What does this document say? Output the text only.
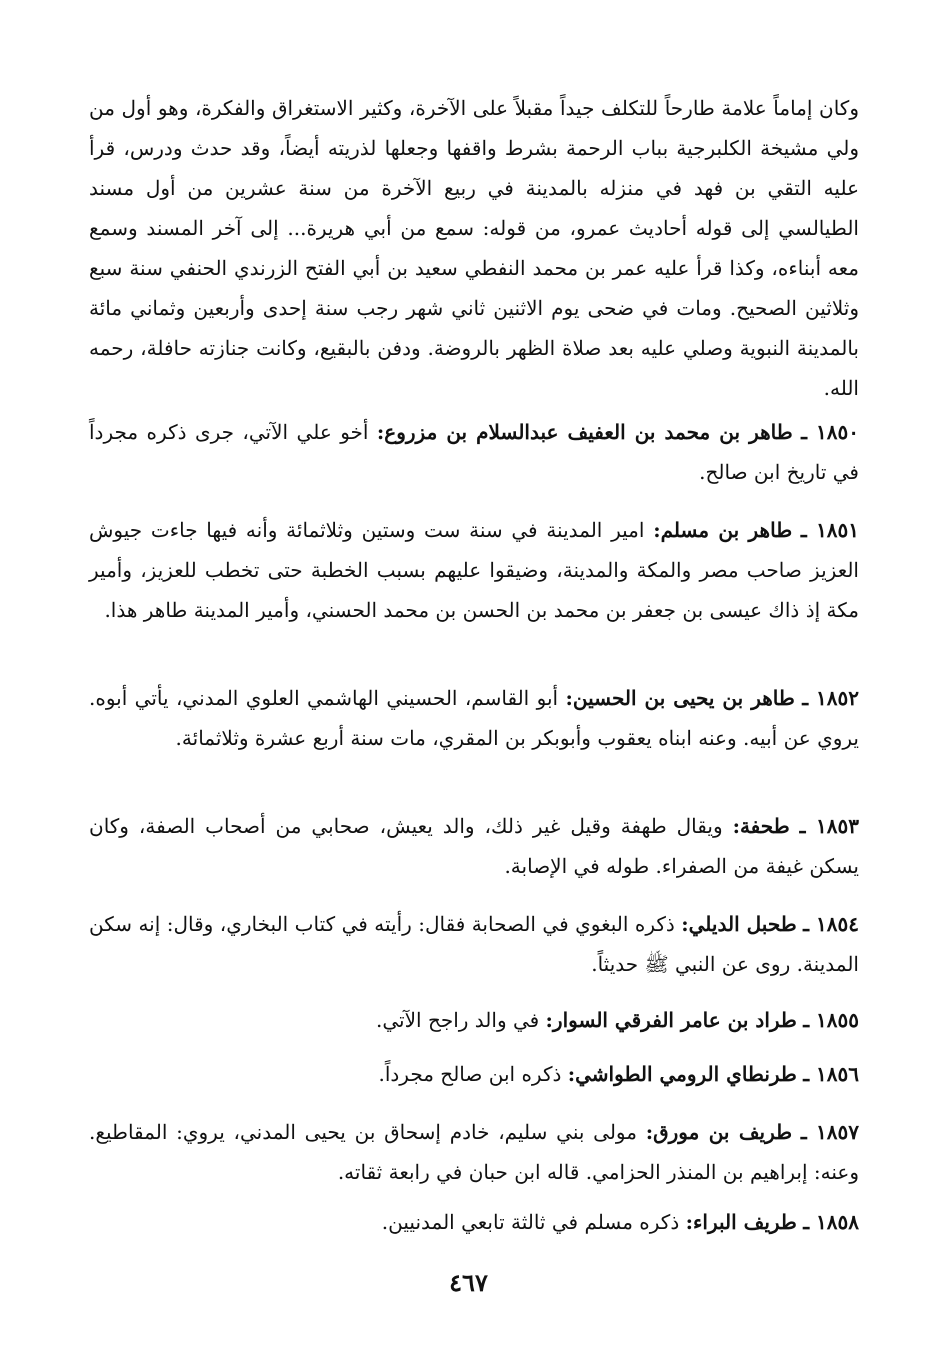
وكان إماماً علامة طارحاً للتكلف جيداً مقبلاً على الآخرة، وكثير الاستغراق والفكرة، وهو أول من ولي مشيخة الكلبرجية بباب الرحمة بشرط واقفها وجعلها لذريته أيضاً، وقد حدث ودرس، قرأ عليه التقي بن فهد في منزله بالمدينة في ربيع الآخرة من سنة عشرين من أول مسند الطيالسي إلى قوله أحاديث عمرو، من قوله: سمع من أبي هريرة... إلى آخر المسند وسمع معه أبناءه، وكذا قرأ عليه عمر بن محمد النفطي سعيد بن أبي الفتح الزرندي الحنفي سنة سبع وثلاثين الصحيح. ومات في ضحى يوم الاثنين ثاني شهر رجب سنة إحدى وأربعين وثماني مائة بالمدينة النبوية وصلي عليه بعد صلاة الظهر بالروضة. ودفن بالبقيع، وكانت جنازته حافلة، رحمه الله.

١٨٥٠ ـ طاهر بن محمد بن العفيف عبدالسلام بن مزروع: أخو علي الآتي، جرى ذكره مجرداً في تاريخ ابن صالح.

١٨٥١ ـ طاهر بن مسلم: امير المدينة في سنة ست وستين وثلاثمائة وأنه فيها جاءت جيوش العزيز صاحب مصر والمكة والمدينة، وضيقوا عليهم بسبب الخطبة حتى تخطب للعزيز، وأمير مكة إذ ذاك عيسى بن جعفر بن محمد بن الحسن بن محمد الحسني، وأمير المدينة طاهر هذا.

١٨٥٢ ـ طاهر بن يحيى بن الحسين: أبو القاسم، الحسيني الهاشمي العلوي المدني، يأتي أبوه. يروي عن أبيه. وعنه ابناه يعقوب وأبوبكر بن المقري، مات سنة أربع عشرة وثلاثمائة.

١٨٥٣ ـ طحفة: ويقال طهفة وقيل غير ذلك، والد يعيش، صحابي من أصحاب الصفة، وكان يسكن غيفة من الصفراء. طوله في الإصابة.

١٨٥٤ ـ طحبل الديلي: ذكره البغوي في الصحابة فقال: رأيته في كتاب البخاري، وقال: إنه سكن المدينة. روى عن النبي ﷺ حديثاً.

١٨٥٥ ـ طراد بن عامر الفرقي السوار: في والد راجح الآتي.

١٨٥٦ ـ طرنطاي الرومي الطواشي: ذكره ابن صالح مجرداً.

١٨٥٧ ـ طريف بن مورق: مولى بني سليم، خادم إسحاق بن يحيى المدني، يروي: المقاطيع. وعنه: إبراهيم بن المنذر الحزامي. قاله ابن حبان في رابعة ثقاته.

١٨٥٨ ـ طريف البراء: ذكره مسلم في ثالثة تابعي المدنيين.

٤٦٧
